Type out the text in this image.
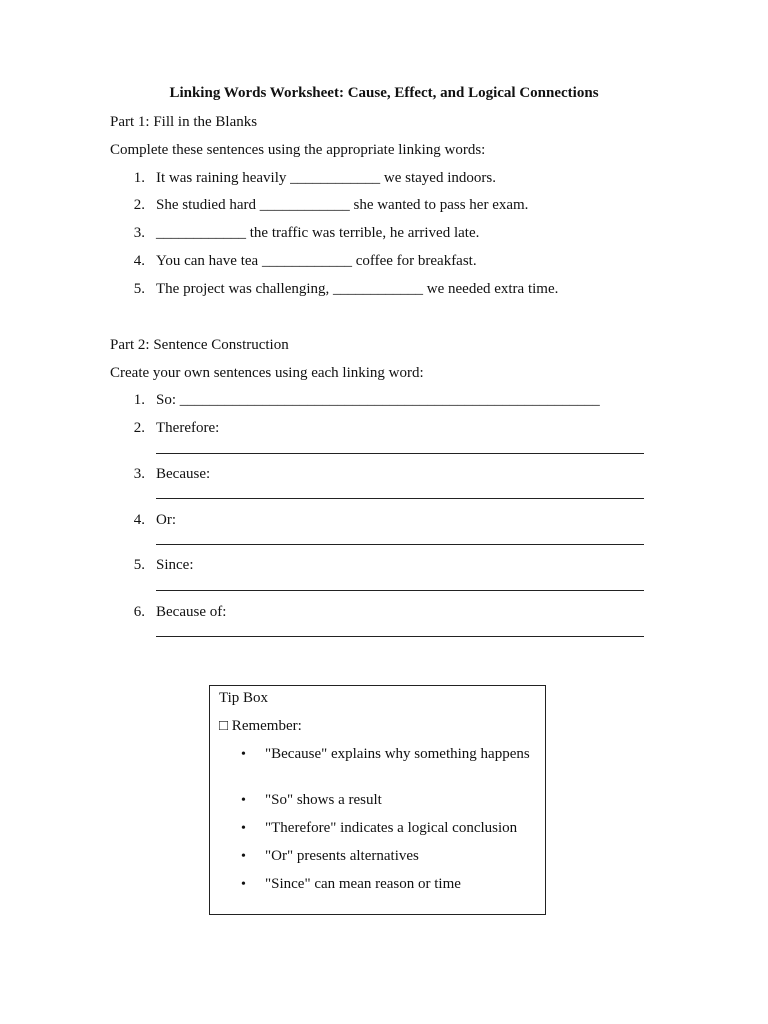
Linking Words Worksheet: Cause, Effect, and Logical Connections
Part 1: Fill in the Blanks
Complete these sentences using the appropriate linking words:
1. It was raining heavily ____________ we stayed indoors.
2. She studied hard ____________ she wanted to pass her exam.
3. ____________ the traffic was terrible, he arrived late.
4. You can have tea ____________ coffee for breakfast.
5. The project was challenging, ____________ we needed extra time.
Part 2: Sentence Construction
Create your own sentences using each linking word:
1. So: ________________________________________________________
2. Therefore:
3. Because:
4. Or:
5. Since:
6. Because of:
Tip Box
□ Remember:
• "Because" explains why something happens
• "So" shows a result
• "Therefore" indicates a logical conclusion
• "Or" presents alternatives
• "Since" can mean reason or time
